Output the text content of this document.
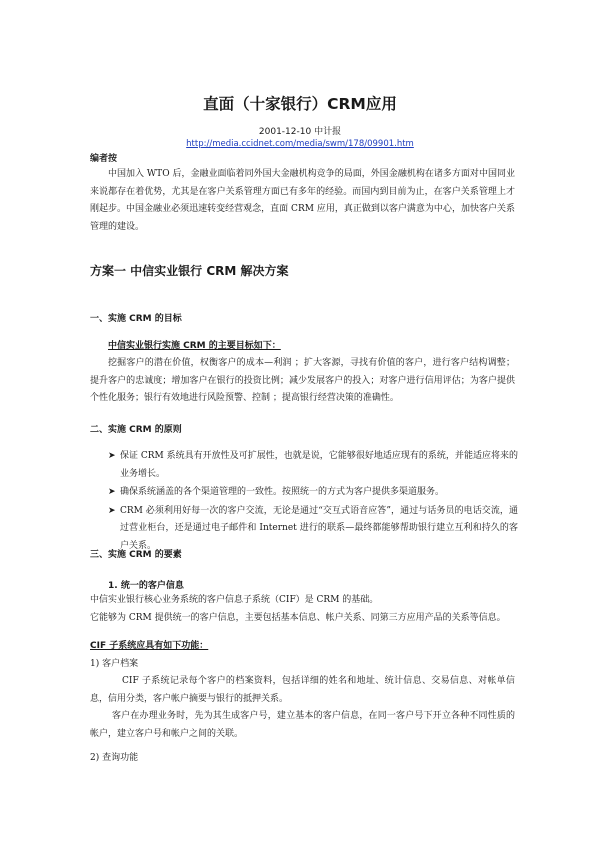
直面（十家银行）CRM应用
2001-12-10 中计报
http://media.ccidnet.com/media/swm/178/09901.htm

编者按

中国加入 WTO 后，金融业面临着同外国大金融机构竞争的局面，外国金融机构在诸多方面对中国同业来说都存在着优势，尤其是在客户关系管理方面已有多年的经验。而国内到目前为止，在客户关系管理上才刚起步。中国金融业必须迅速转变经营观念，直面 CRM 应用，真正做到以客户满意为中心，加快客户关系管理的建设。

方案一 中信实业银行 CRM 解决方案
一、实施 CRM 的目标

中信实业银行实施 CRM 的主要目标如下：

挖掘客户的潜在价值，权衡客户的成本—利润 ；扩大客源，寻找有价值的客户，进行客户结构调整；提升客户的忠诚度；增加客户在银行的投资比例；减少发展客户的投入；对客户进行信用评估；为客户提供个性化服务；银行有效地进行风险预警、控制 ；提高银行经营决策的准确性。

二、实施 CRM 的原则
➤ 保证 CRM 系统具有开放性及可扩展性，也就是说，它能够很好地适应现有的系统，并能适应将来的业务增长。
➤ 确保系统涵盖的各个渠道管理的一致性。按照统一的方式为客户提供多渠道服务。
➤ CRM 必须利用好每一次的客户交流，无论是通过“交互式语音应答”，通过与话务员的电话交流，通过营业柜台，还是通过电子邮件和 Internet 进行的联系—最终都能够帮助银行建立互利和持久的客户关系。
三、实施 CRM 的要素
1. 统一的客户信息

中信实业银行核心业务系统的客户信息子系统（CIF）是 CRM 的基础。

它能够为 CRM 提供统一的客户信息，主要包括基本信息、帐户关系、同第三方应用产品的关系等信息。

CIF 子系统应具有如下功能：

1) 客户档案

CIF 子系统记录每个客户的档案资料，包括详细的姓名和地址、统计信息、交易信息、对帐单信息，信用分类，客户帐户摘要与银行的抵押关系。

客户在办理业务时，先为其生成客户号，建立基本的客户信息，在同一客户号下开立各种不同性质的帐户，建立客户号和帐户之间的关联。

2) 查询功能
